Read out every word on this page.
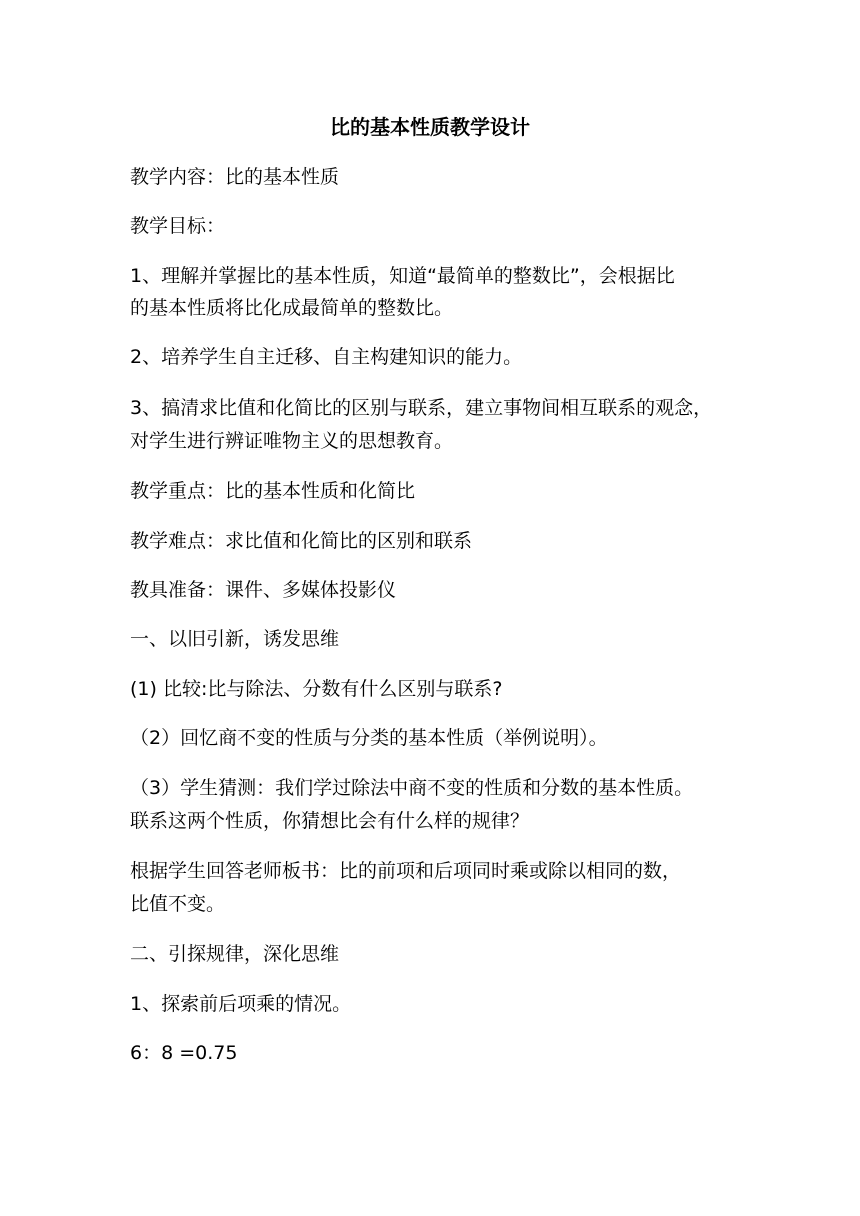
比的基本性质教学设计
教学内容：比的基本性质
教学目标：
1、理解并掌握比的基本性质，知道“最简单的整数比”，会根据比
的基本性质将比化成最简单的整数比。
2、培养学生自主迁移、自主构建知识的能力。
3、搞清求比值和化简比的区别与联系，建立事物间相互联系的观念，
对学生进行辨证唯物主义的思想教育。
教学重点：比的基本性质和化简比
教学难点：求比值和化简比的区别和联系
教具准备：课件、多媒体投影仪
一、以旧引新，诱发思维
(1) 比较:比与除法、分数有什么区别与联系?
（2）回忆商不变的性质与分类的基本性质（举例说明）。
（3）学生猜测：我们学过除法中商不变的性质和分数的基本性质。
联系这两个性质，你猜想比会有什么样的规律？
根据学生回答老师板书：比的前项和后项同时乘或除以相同的数，
比值不变。
二、引探规律，深化思维
1、探索前后项乘的情况。
6：8 =0.75
